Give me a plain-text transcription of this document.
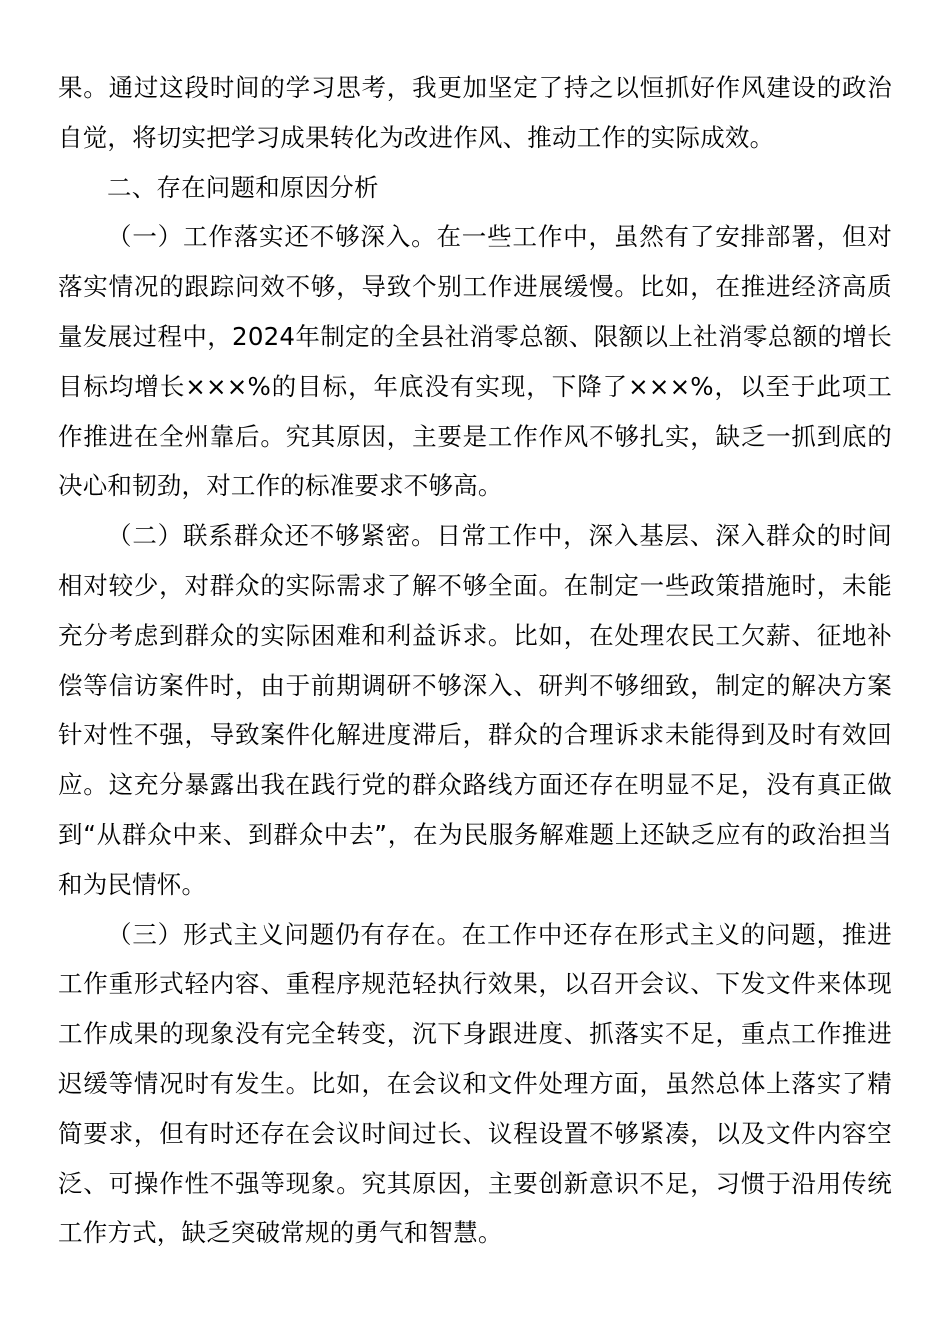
果。通过这段时间的学习思考，我更加坚定了持之以恒抓好作风建设的政治自觉，将切实把学习成果转化为改进作风、推动工作的实际成效。

二、存在问题和原因分析

（一）工作落实还不够深入。在一些工作中，虽然有了安排部署，但对落实情况的跟踪问效不够，导致个别工作进展缓慢。比如，在推进经济高质量发展过程中，2024年制定的全县社消零总额、限额以上社消零总额的增长目标均增长×××%的目标，年底没有实现，下降了×××%，以至于此项工作推进在全州靠后。究其原因，主要是工作作风不够扎实，缺乏一抓到底的决心和韧劲，对工作的标准要求不够高。

（二）联系群众还不够紧密。日常工作中，深入基层、深入群众的时间相对较少，对群众的实际需求了解不够全面。在制定一些政策措施时，未能充分考虑到群众的实际困难和利益诉求。比如，在处理农民工欠薪、征地补偿等信访案件时，由于前期调研不够深入、研判不够细致，制定的解决方案针对性不强，导致案件化解进度滞后，群众的合理诉求未能得到及时有效回应。这充分暴露出我在践行党的群众路线方面还存在明显不足，没有真正做到“从群众中来、到群众中去”，在为民服务解难题上还缺乏应有的政治担当和为民情怀。

（三）形式主义问题仍有存在。在工作中还存在形式主义的问题，推进工作重形式轻内容、重程序规范轻执行效果，以召开会议、下发文件来体现工作成果的现象没有完全转变，沉下身跟进度、抓落实不足，重点工作推进迟缓等情况时有发生。比如，在会议和文件处理方面，虽然总体上落实了精简要求，但有时还存在会议时间过长、议程设置不够紧凑，以及文件内容空泛、可操作性不强等现象。究其原因，主要创新意识不足，习惯于沿用传统工作方式，缺乏突破常规的勇气和智慧。
